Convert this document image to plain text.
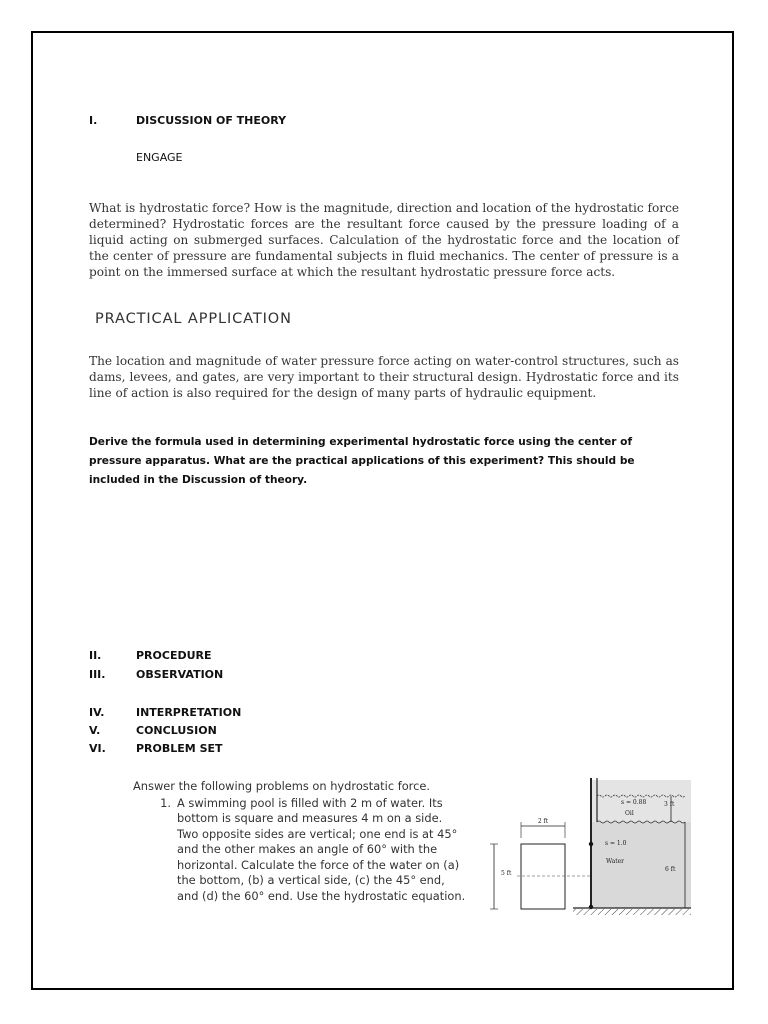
I.	DISCUSSION OF THEORY
ENGAGE
What is hydrostatic force? How is the magnitude, direction and location of the hydrostatic force determined? Hydrostatic forces are the resultant force caused by the pressure loading of a liquid acting on submerged surfaces. Calculation of the hydrostatic force and the location of the center of pressure are fundamental subjects in fluid mechanics. The center of pressure is a point on the immersed surface at which the resultant hydrostatic pressure force acts.
PRACTICAL APPLICATION
The location and magnitude of water pressure force acting on water-control structures, such as dams, levees, and gates, are very important to their structural design. Hydrostatic force and its line of action is also required for the design of many parts of hydraulic equipment.
Derive the formula used in determining experimental hydrostatic force using the center of pressure apparatus. What are the practical applications of this experiment? This should be included in the Discussion of theory.
II.	PROCEDURE
III.	OBSERVATION
IV.	INTERPRETATION
V.	CONCLUSION
VI.	PROBLEM SET
Answer the following problems on hydrostatic force.
1. A swimming pool is filled with 2 m of water. Its bottom is square and measures 4 m on a side. Two opposite sides are vertical; one end is at 45° and the other makes an angle of 60° with the horizontal. Calculate the force of the water on (a) the bottom, (b) a vertical side, (c) the 45° end, and (d) the 60° end. Use the hydrostatic equation.
2 ft
5 ft
s = 0.88
Oil
3 ft
s = 1.0
Water
6 ft
